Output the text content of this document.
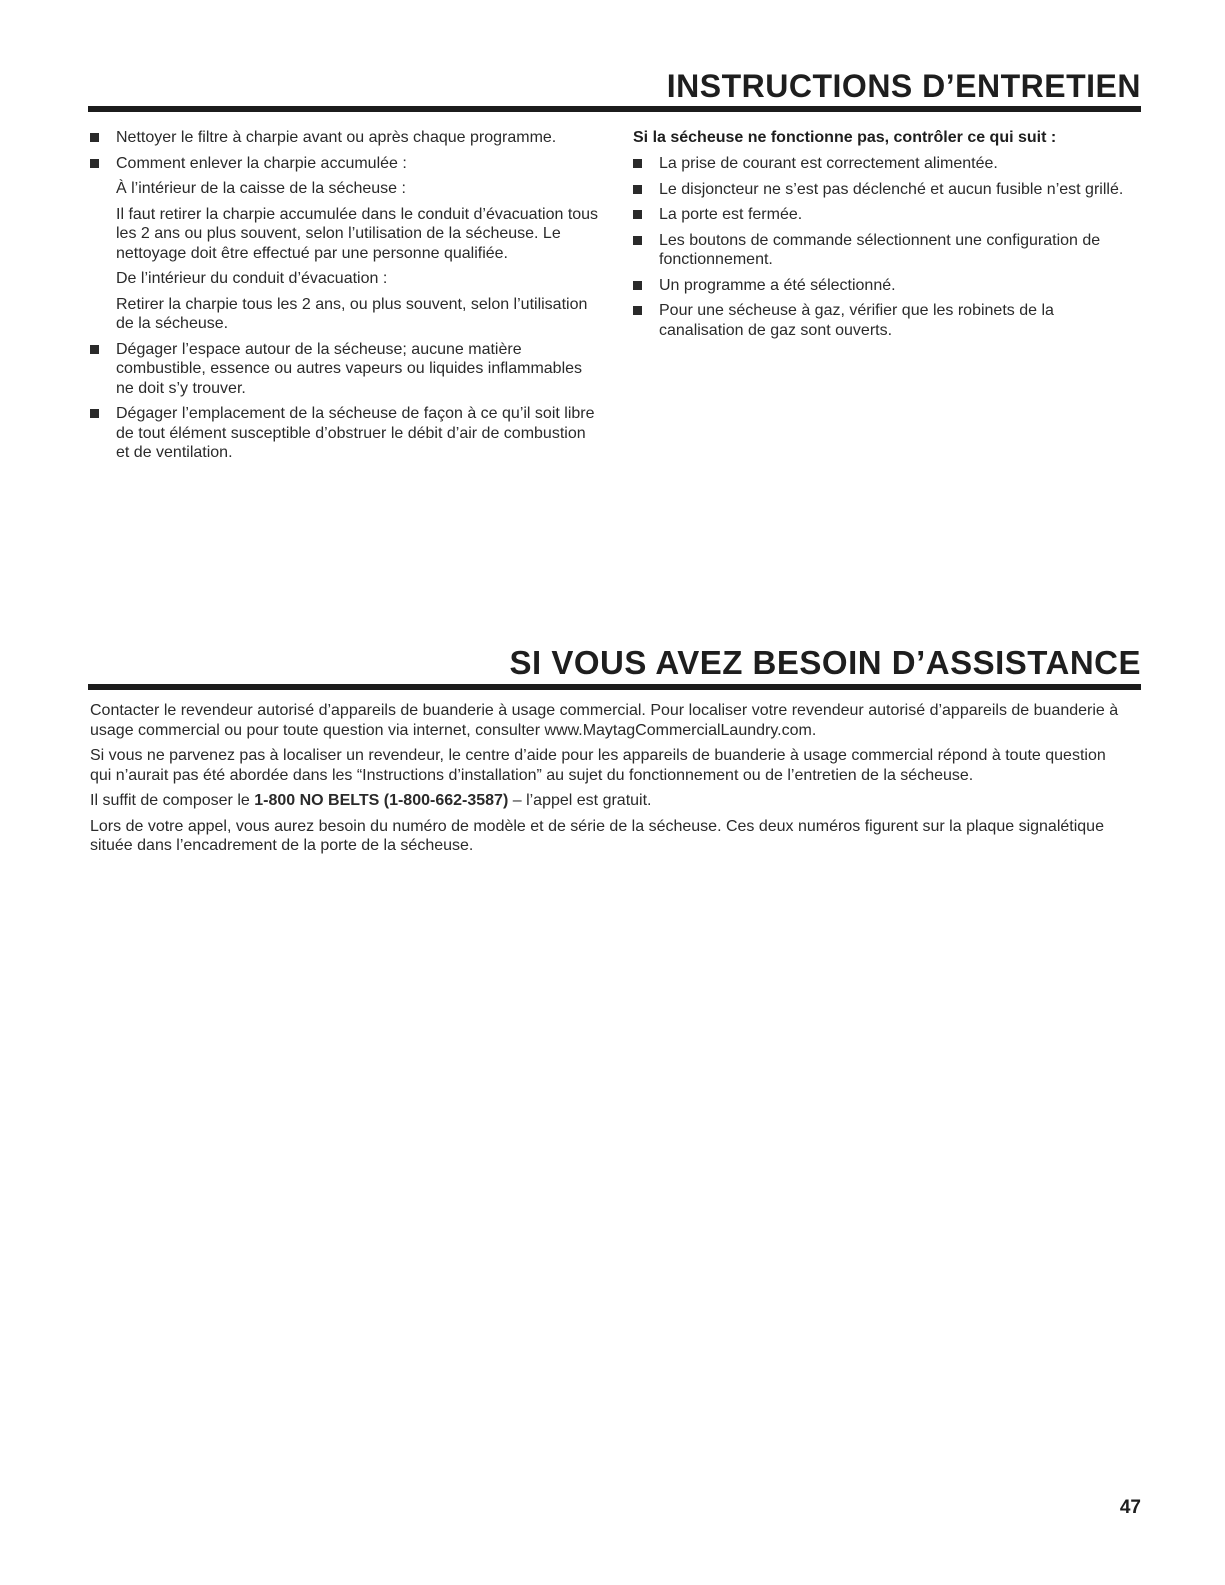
INSTRUCTIONS D’ENTRETIEN
Nettoyer le filtre à charpie avant ou après chaque programme.
Comment enlever la charpie accumulée :

À l’intérieur de la caisse de la sécheuse :

Il faut retirer la charpie accumulée dans le conduit d’évacuation tous les 2 ans ou plus souvent, selon l’utilisation de la sécheuse. Le nettoyage doit être effectué par une personne qualifiée.

De l’intérieur du conduit d’évacuation :

Retirer la charpie tous les 2 ans, ou plus souvent, selon l’utilisation de la sécheuse.

Dégager l’espace autour de la sécheuse; aucune matière combustible, essence ou autres vapeurs ou liquides inflammables ne doit s’y trouver.
Dégager l’emplacement de la sécheuse de façon à ce qu’il soit libre de tout élément susceptible d’obstruer le débit d’air de combustion et de ventilation.

Si la sécheuse ne fonctionne pas, contrôler ce qui suit :

La prise de courant est correctement alimentée.
Le disjoncteur ne s’est pas déclenché et aucun fusible n’est grillé.
La porte est fermée.
Les boutons de commande sélectionnent une configuration de fonctionnement.
Un programme a été sélectionné.
Pour une sécheuse à gaz, vérifier que les robinets de la canalisation de gaz sont ouverts.
SI VOUS AVEZ BESOIN D’ASSISTANCE

Contacter le revendeur autorisé d’appareils de buanderie à usage commercial. Pour localiser votre revendeur autorisé d’appareils de buanderie à usage commercial ou pour toute question via internet, consulter www.MaytagCommercialLaundry.com.

Si vous ne parvenez pas à localiser un revendeur, le centre d’aide pour les appareils de buanderie à usage commercial répond à toute question qui n’aurait pas été abordée dans les “Instructions d’installation” au sujet du fonctionnement ou de l’entretien de la sécheuse.

Il suffit de composer le 1-800 NO BELTS (1-800-662-3587) – l’appel est gratuit.

Lors de votre appel, vous aurez besoin du numéro de modèle et de série de la sécheuse. Ces deux numéros figurent sur la plaque signalétique située dans l’encadrement de la porte de la sécheuse.

47
